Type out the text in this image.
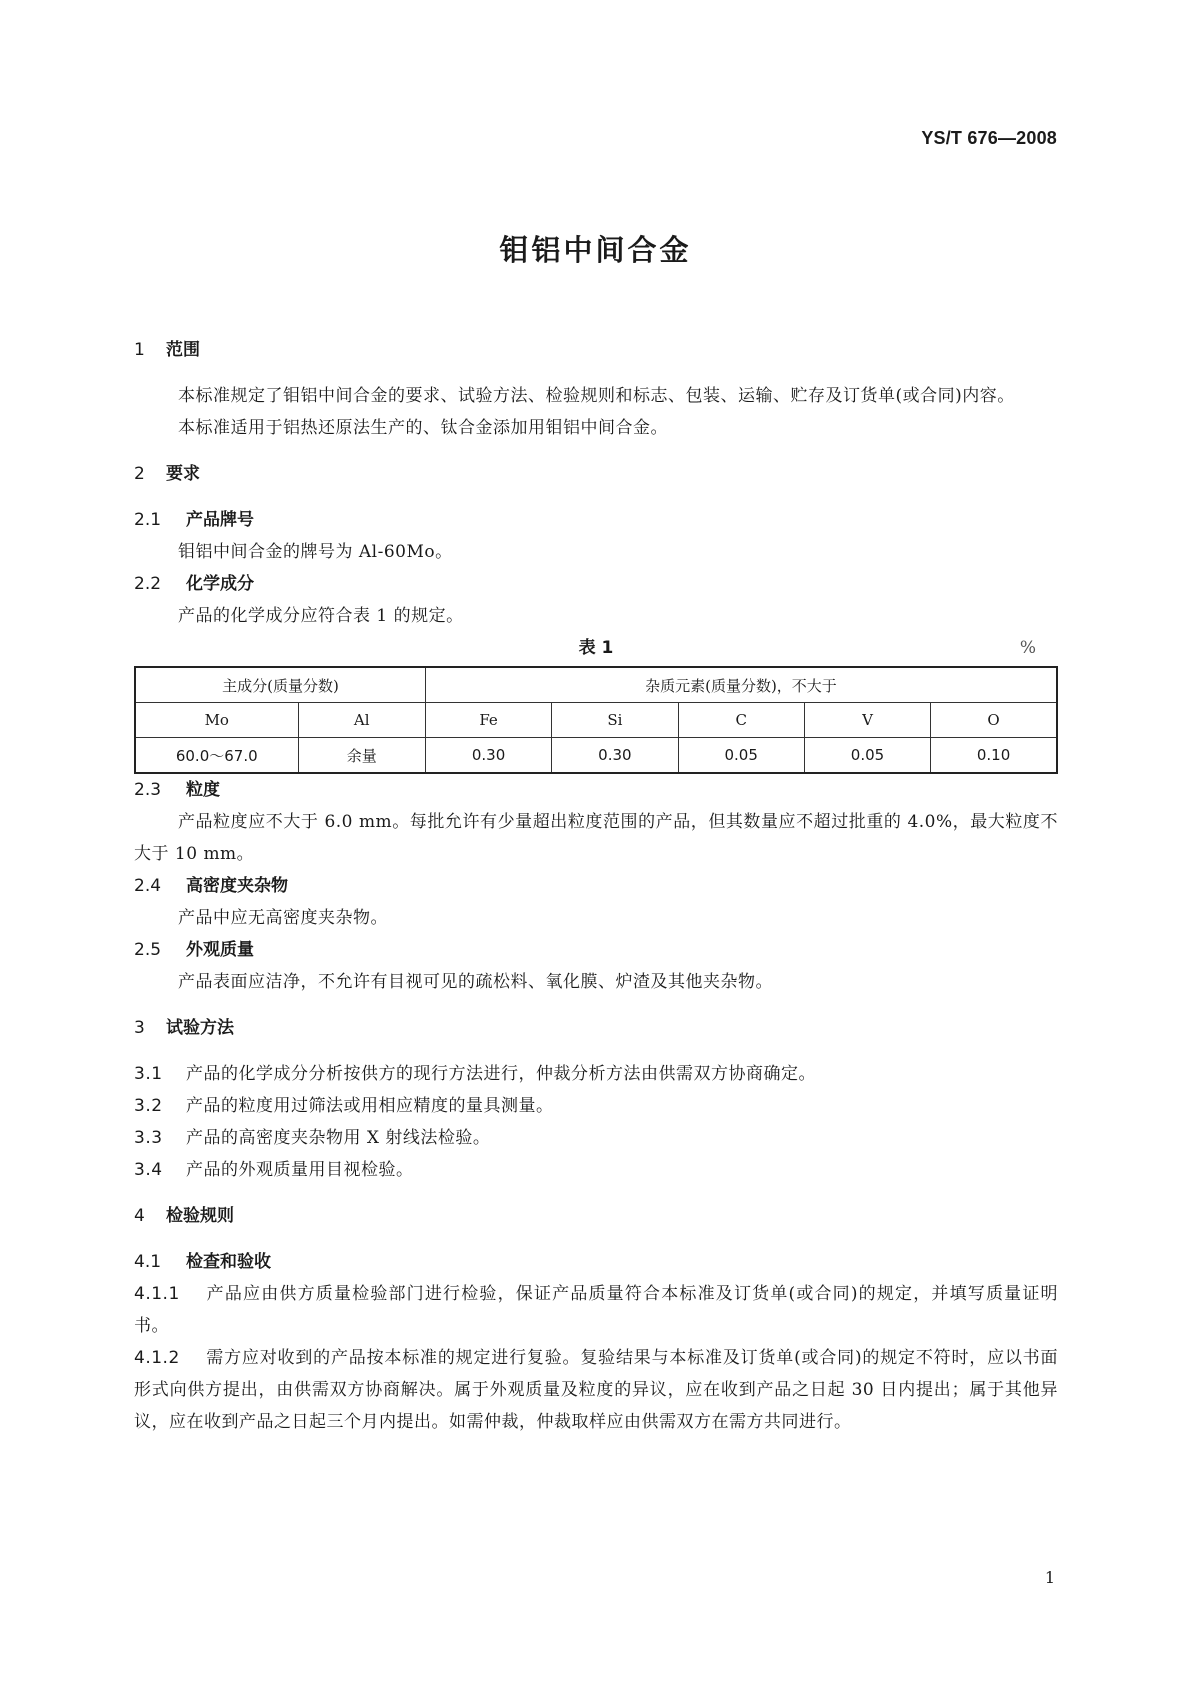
YS/T 676—2008
钼铝中间合金
1 范围

本标准规定了钼铝中间合金的要求、试验方法、检验规则和标志、包装、运输、贮存及订货单(或合同)内容。

本标准适用于铝热还原法生产的、钛合金添加用钼铝中间合金。

2 要求
2.1 产品牌号

钼铝中间合金的牌号为 Al-60Mo。

2.2 化学成分

产品的化学成分应符合表 1 的规定。

表 1	%
主成分(质量分数)		杂质元素(质量分数)，不大于				
Mo	Al	Fe	Si	C	V	O
60.0～67.0	余量	0.30	0.30	0.05	0.05	0.10
2.3 粒度

产品粒度应不大于 6.0 mm。每批允许有少量超出粒度范围的产品，但其数量应不超过批重的 4.0%，最大粒度不大于 10 mm。

2.4 高密度夹杂物

产品中应无高密度夹杂物。

2.5 外观质量

产品表面应洁净，不允许有目视可见的疏松料、氧化膜、炉渣及其他夹杂物。

3 试验方法

3.1 产品的化学成分分析按供方的现行方法进行，仲裁分析方法由供需双方协商确定。

3.2 产品的粒度用过筛法或用相应精度的量具测量。

3.3 产品的高密度夹杂物用 X 射线法检验。

3.4 产品的外观质量用目视检验。

4 检验规则
4.1 检查和验收

4.1.1 产品应由供方质量检验部门进行检验，保证产品质量符合本标准及订货单(或合同)的规定，并填写质量证明书。

4.1.2 需方应对收到的产品按本标准的规定进行复验。复验结果与本标准及订货单(或合同)的规定不符时，应以书面形式向供方提出，由供需双方协商解决。属于外观质量及粒度的异议，应在收到产品之日起 30 日内提出；属于其他异议，应在收到产品之日起三个月内提出。如需仲裁，仲裁取样应由供需双方在需方共同进行。

1
